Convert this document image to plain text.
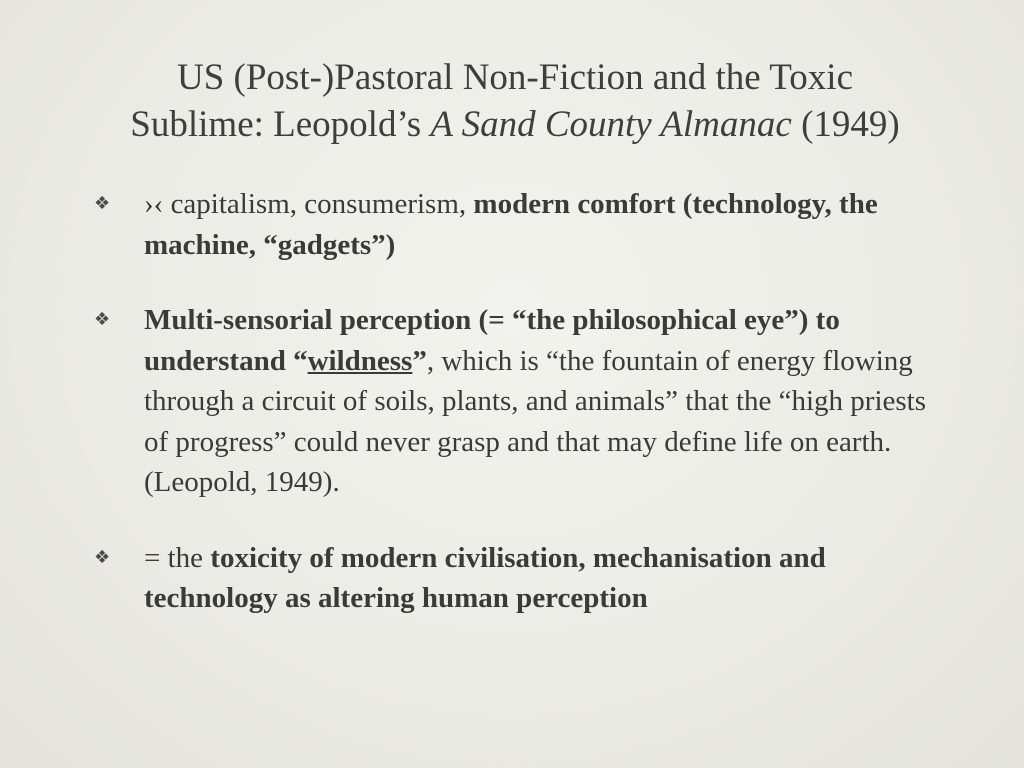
US (Post-)Pastoral Non-Fiction and the Toxic
Sublime: Leopold’s A Sand County Almanac (1949)
❖ ›‹ capitalism, consumerism, modern comfort (technology, the machine, “gadgets”)
❖ Multi-sensorial perception (= “the philosophical eye”) to understand “wildness”, which is “the fountain of energy flowing through a circuit of soils, plants, and animals” that the “high priests of progress” could never grasp and that may define life on earth. (Leopold, 1949).
❖ = the toxicity of modern civilisation, mechanisation and technology as altering human perception
